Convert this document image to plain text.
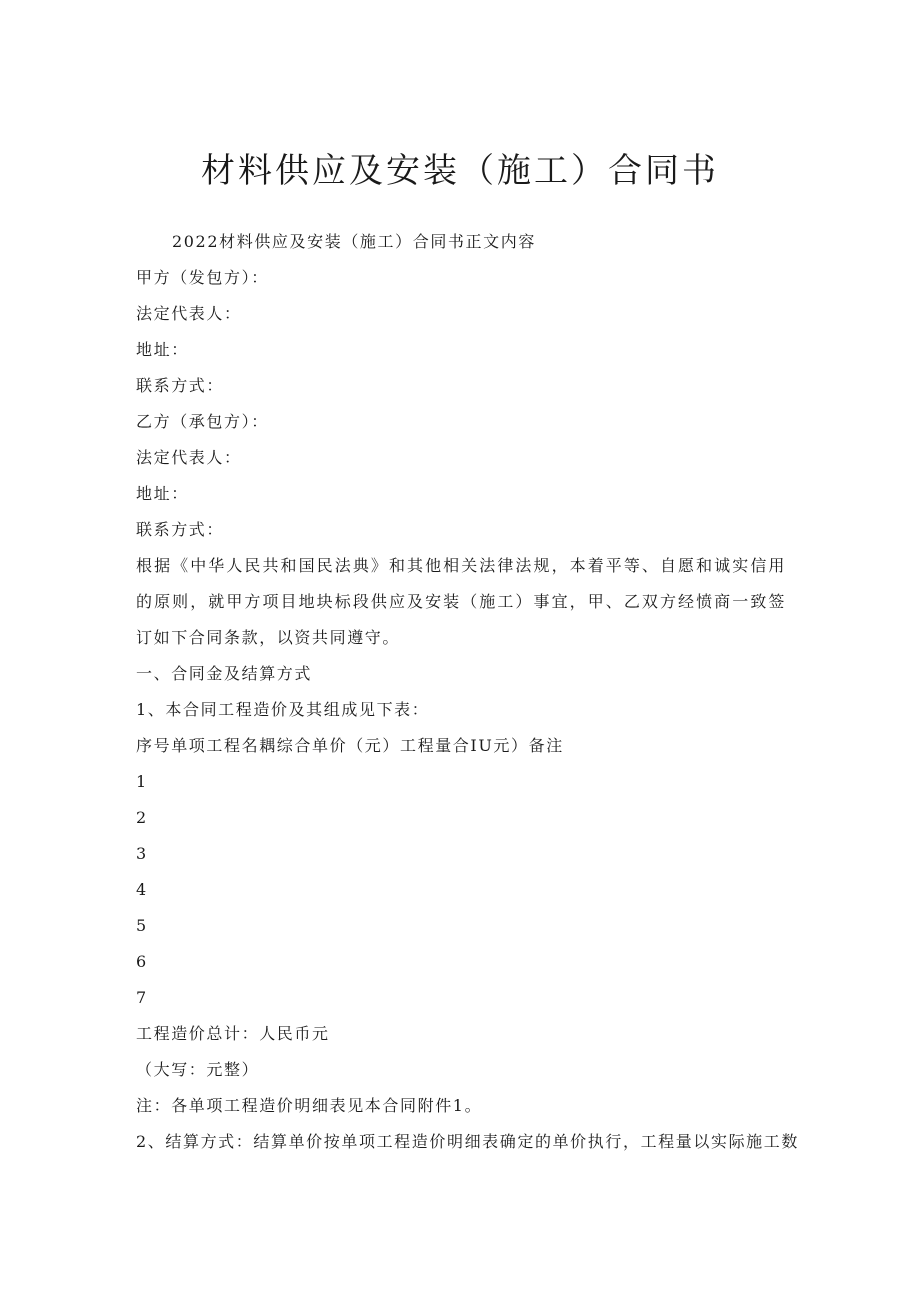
材料供应及安装（施工）合同书

2022材料供应及安装（施工）合同书正文内容

甲方（发包方）：

法定代表人：

地址：

联系方式：

乙方（承包方）：

法定代表人：

地址：

联系方式：

根据《中华人民共和国民法典》和其他相关法律法规，本着平等、自愿和诚实信用的原则，就甲方项目地块标段供应及安装（施工）事宜，甲、乙双方经愤商一致签订如下合同条款，以资共同遵守。

一、合同金及结算方式

1、本合同工程造价及其组成见下表：

序号单项工程名耦综合单价（元）工程量合IU元）备注

1

2

3

4

5

6

7

工程造价总计：人民币元

（大写：元整）

注：各单项工程造价明细表见本合同附件1。

2、结算方式：结算单价按单项工程造价明细表确定的单价执行，工程量以实际施工数
